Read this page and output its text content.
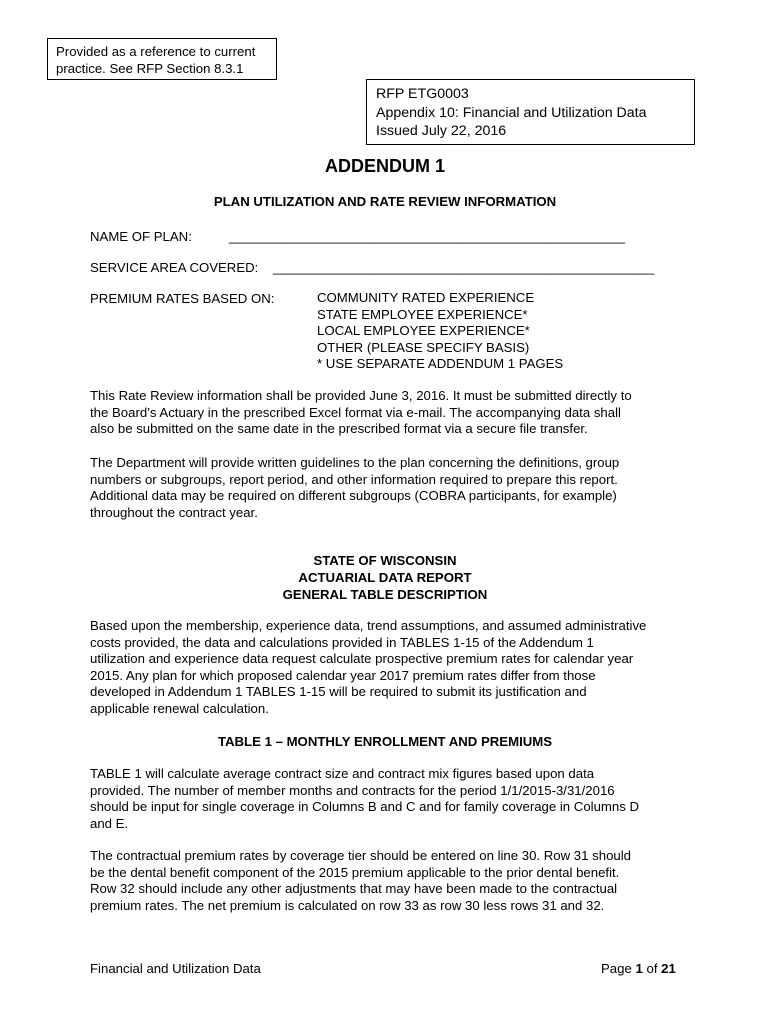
Provided as a reference to current
practice. See RFP Section 8.3.1
RFP ETG0003
Appendix 10: Financial and Utilization Data
Issued July 22, 2016
ADDENDUM 1
PLAN UTILIZATION AND RATE REVIEW INFORMATION
NAME OF PLAN:	______________________________________________________
SERVICE AREA COVERED: ____________________________________________________
PREMIUM RATES BASED ON:	COMMUNITY RATED EXPERIENCE
STATE EMPLOYEE EXPERIENCE*
LOCAL EMPLOYEE EXPERIENCE*
OTHER (PLEASE SPECIFY BASIS)
* USE SEPARATE ADDENDUM 1 PAGES
This Rate Review information shall be provided June 3, 2016. It must be submitted directly to
the Board’s Actuary in the prescribed Excel format via e-mail. The accompanying data shall
also be submitted on the same date in the prescribed format via a secure file transfer.
The Department will provide written guidelines to the plan concerning the definitions, group
numbers or subgroups, report period, and other information required to prepare this report.
Additional data may be required on different subgroups (COBRA participants, for example)
throughout the contract year.
STATE OF WISCONSIN
ACTUARIAL DATA REPORT
GENERAL TABLE DESCRIPTION
Based upon the membership, experience data, trend assumptions, and assumed administrative
costs provided, the data and calculations provided in TABLES 1-15 of the Addendum 1
utilization and experience data request calculate prospective premium rates for calendar year
2015. Any plan for which proposed calendar year 2017 premium rates differ from those
developed in Addendum 1 TABLES 1-15 will be required to submit its justification and
applicable renewal calculation.
TABLE 1 – MONTHLY ENROLLMENT AND PREMIUMS
TABLE 1 will calculate average contract size and contract mix figures based upon data
provided. The number of member months and contracts for the period 1/1/2015-3/31/2016
should be input for single coverage in Columns B and C and for family coverage in Columns D
and E.
The contractual premium rates by coverage tier should be entered on line 30. Row 31 should
be the dental benefit component of the 2015 premium applicable to the prior dental benefit.
Row 32 should include any other adjustments that may have been made to the contractual
premium rates. The net premium is calculated on row 33 as row 30 less rows 31 and 32.
Financial and Utilization Data	Page 1 of 21
